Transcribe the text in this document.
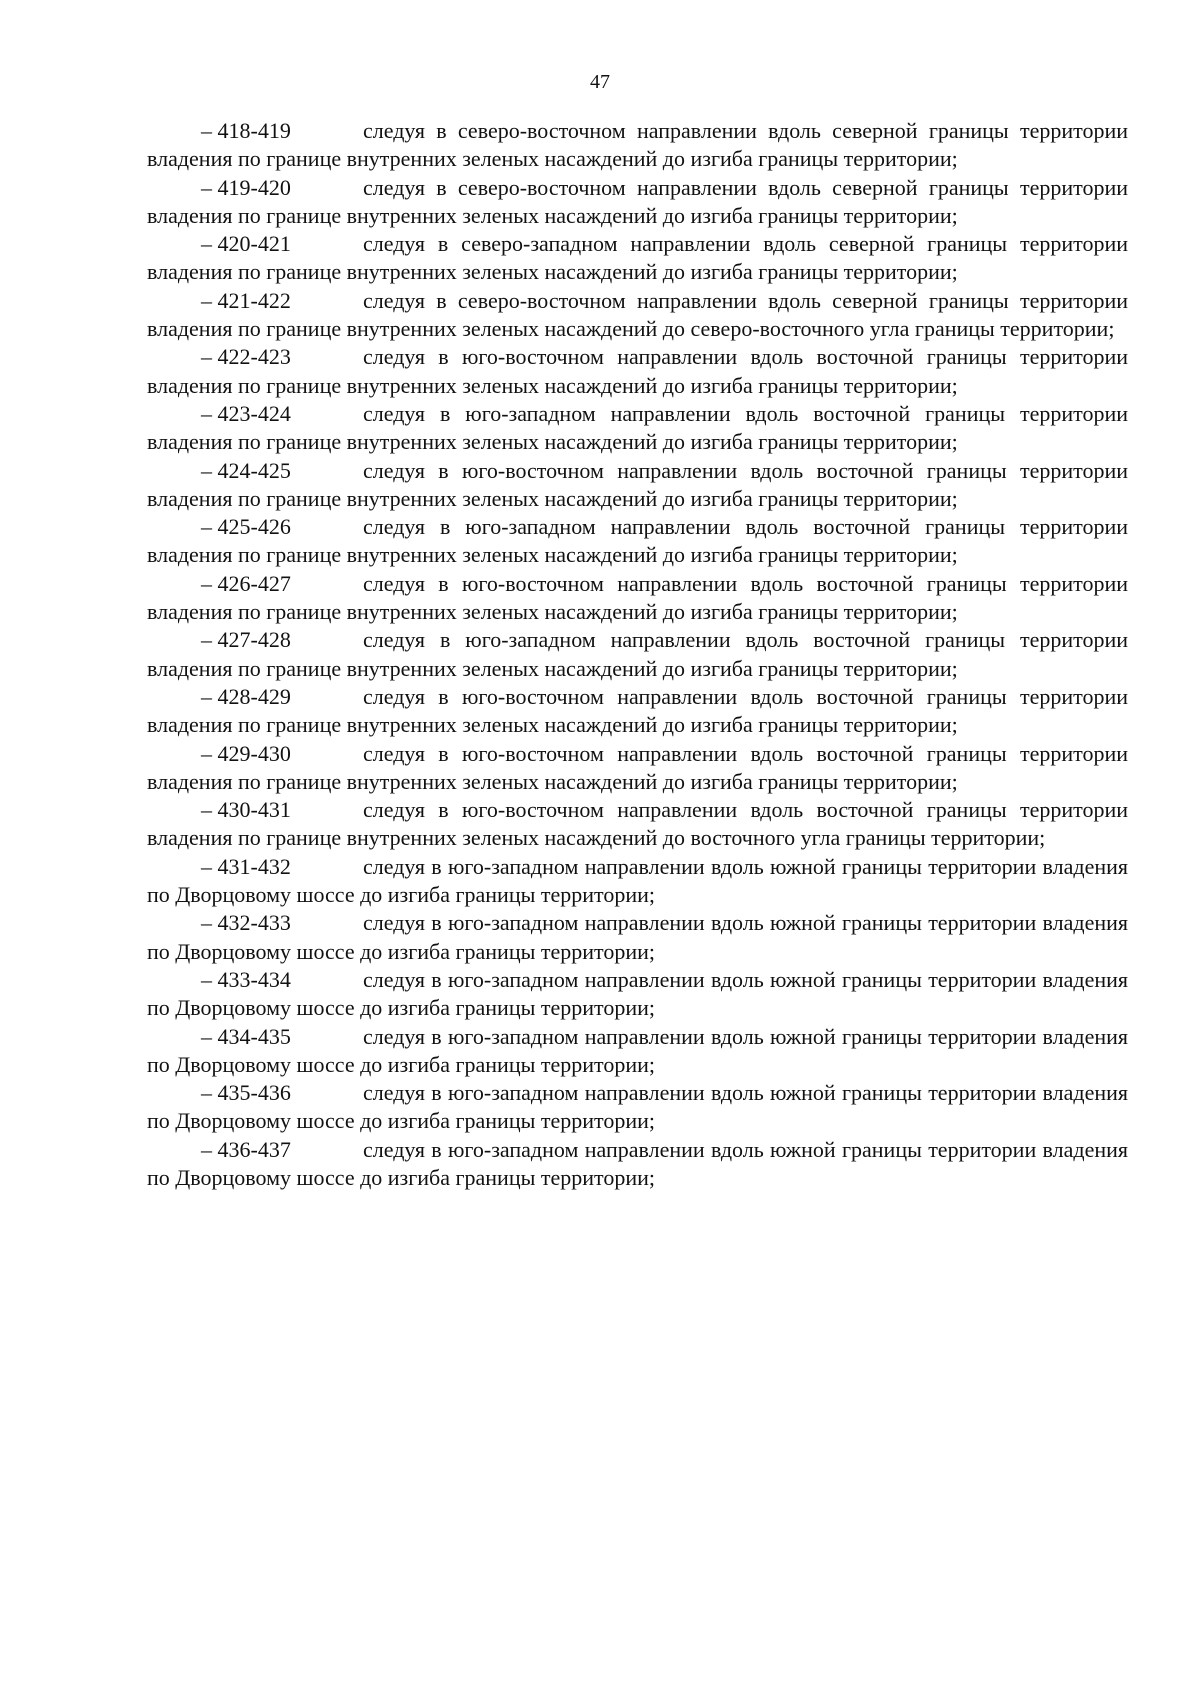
47
– 418-419	следуя в северо-восточном направлении вдоль северной границы территории владения по границе внутренних зеленых насаждений до изгиба границы территории;
– 419-420	следуя в северо-восточном направлении вдоль северной границы территории владения по границе внутренних зеленых насаждений до изгиба границы территории;
– 420-421	следуя в северо-западном направлении вдоль северной границы территории владения по границе внутренних зеленых насаждений до изгиба границы территории;
– 421-422	следуя в северо-восточном направлении вдоль северной границы территории владения по границе внутренних зеленых насаждений до северо-восточного угла границы территории;
– 422-423	следуя в юго-восточном направлении вдоль восточной границы территории владения по границе внутренних зеленых насаждений до изгиба границы территории;
– 423-424	следуя в юго-западном направлении вдоль восточной границы территории владения по границе внутренних зеленых насаждений до изгиба границы территории;
– 424-425	следуя в юго-восточном направлении вдоль восточной границы территории владения по границе внутренних зеленых насаждений до изгиба границы территории;
– 425-426	следуя в юго-западном направлении вдоль восточной границы территории владения по границе внутренних зеленых насаждений до изгиба границы территории;
– 426-427	следуя в юго-восточном направлении вдоль восточной границы территории владения по границе внутренних зеленых насаждений до изгиба границы территории;
– 427-428	следуя в юго-западном направлении вдоль восточной границы территории владения по границе внутренних зеленых насаждений до изгиба границы территории;
– 428-429	следуя в юго-восточном направлении вдоль восточной границы территории владения по границе внутренних зеленых насаждений до изгиба границы территории;
– 429-430	следуя в юго-восточном направлении вдоль восточной границы территории владения по границе внутренних зеленых насаждений до изгиба границы территории;
– 430-431	следуя в юго-восточном направлении вдоль восточной границы территории владения по границе внутренних зеленых насаждений до восточного угла границы территории;
– 431-432	следуя в юго-западном направлении вдоль южной границы территории владения по Дворцовому шоссе до изгиба границы территории;
– 432-433	следуя в юго-западном направлении вдоль южной границы территории владения по Дворцовому шоссе до изгиба границы территории;
– 433-434	следуя в юго-западном направлении вдоль южной границы территории владения по Дворцовому шоссе до изгиба границы территории;
– 434-435	следуя в юго-западном направлении вдоль южной границы территории владения по Дворцовому шоссе до изгиба границы территории;
– 435-436	следуя в юго-западном направлении вдоль южной границы территории владения по Дворцовому шоссе до изгиба границы территории;
– 436-437	следуя в юго-западном направлении вдоль южной границы территории владения по Дворцовому шоссе до изгиба границы территории;
